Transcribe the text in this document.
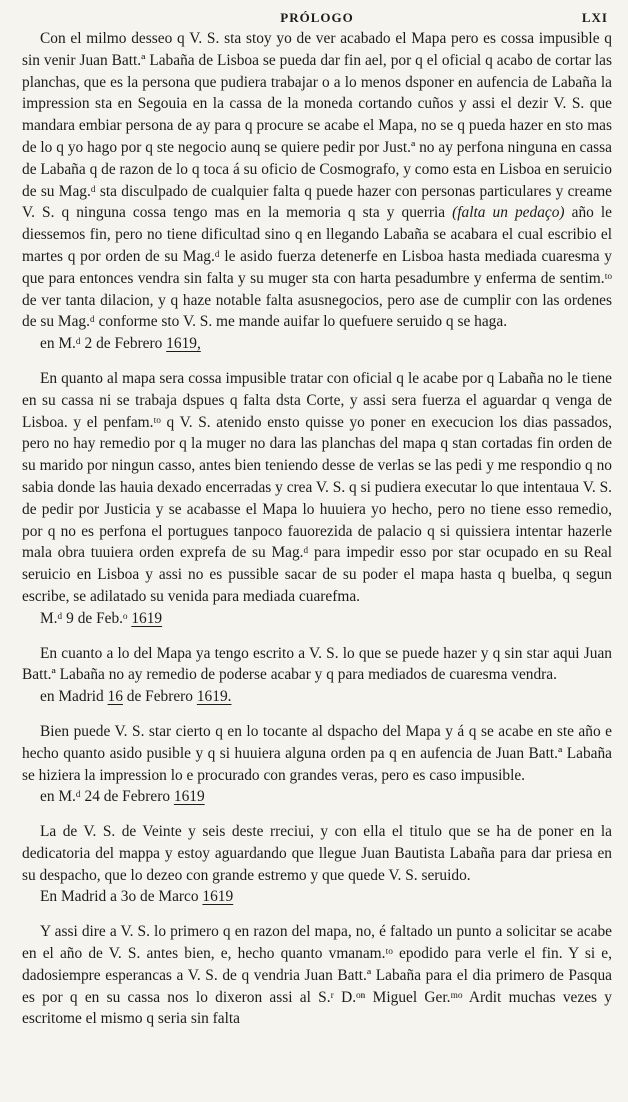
PRÓLOGO	LXI

Con el milmo desseo q V. S. sta stoy yo de ver acabado el Mapa pero es cossa impusible q sin venir Juan Batt.ª Labaña de Lisboa se pueda dar fin ael, por q el oficial q acabo de cortar las planchas, que es la persona que pudiera trabajar o a lo menos dsponer en aufencia de Labaña la impression sta en Segouia en la cassa de la moneda cortando cuños y assi el dezir V. S. que mandara embiar persona de ay para q procure se acabe el Mapa, no se q pueda hazer en sto mas de lo q yo hago por q ste negocio aunq se quiere pedir por Just.ª no ay perfona ninguna en cassa de Labaña q de razon de lo q toca á su oficio de Cosmografo, y como esta en Lisboa en seruicio de su Mag.ᵈ sta disculpado de cualquier falta q puede hazer con personas particulares y creame V. S. q ninguna cossa tengo mas en la memoria q sta y querria (falta un pedaço) año le diessemos fin, pero no tiene dificultad sino q en llegando Labaña se acabara el cual escribio el martes q por orden de su Mag.ᵈ le asido fuerza detenerfe en Lisboa hasta mediada cuaresma y que para entonces vendra sin falta y su muger sta con harta pesadumbre y enferma de sentim.ᵗᵒ de ver tanta dilacion, y q haze notable falta asusnegocios, pero ase de cumplir con las ordenes de su Mag.ᵈ conforme sto V. S. me mande auifar lo quefuere seruido q se haga.

en M.ᵈ 2 de Febrero 1619,

En quanto al mapa sera cossa impusible tratar con oficial q le acabe por q Labaña no le tiene en su cassa ni se trabaja dspues q falta dsta Corte, y assi sera fuerza el aguardar q venga de Lisboa. y el penfam.ᵗᵒ q V. S. atenido ensto quisse yo poner en execucion los dias passados, pero no hay remedio por q la muger no dara las planchas del mapa q stan cortadas fin orden de su marido por ningun casso, antes bien teniendo desse de verlas se las pedi y me respondio q no sabia donde las hauia dexado encerradas y crea V. S. q si pudiera executar lo que intentaua V. S. de pedir por Justicia y se acabasse el Mapa lo huuiera yo hecho, pero no tiene esso remedio, por q no es perfona el portugues tanpoco fauorezida de palacio q si quissiera intentar hazerle mala obra tuuiera orden exprefa de su Mag.ᵈ para impedir esso por star ocupado en su Real seruicio en Lisboa y assi no es pussible sacar de su poder el mapa hasta q buelba, q segun escribe, se adilatado su venida para mediada cuarefma.

M.ᵈ 9 de Feb.ᵒ 1619

En cuanto a lo del Mapa ya tengo escrito a V. S. lo que se puede hazer y q sin star aqui Juan Batt.ª Labaña no ay remedio de poderse acabar y q para mediados de cuaresma vendra.

en Madrid 16 de Febrero 1619.

Bien puede V. S. star cierto q en lo tocante al dspacho del Mapa y á q se acabe en ste año e hecho quanto asido pusible y q si huuiera alguna orden pa q en aufencia de Juan Batt.ª Labaña se hiziera la impression lo e procurado con grandes veras, pero es caso impusible.

en M.ᵈ 24 de Febrero 1619

La de V. S. de Veinte y seis deste rreciui, y con ella el titulo que se ha de poner en la dedicatoria del mappa y estoy aguardando que llegue Juan Bautista Labaña para dar priesa en su despacho, que lo dezeo con grande estremo y que quede V. S. seruido.

En Madrid a 3o de Marco 1619

Y assi dire a V. S. lo primero q en razon del mapa, no, é faltado un punto a solicitar se acabe en el año de V. S. antes bien, e, hecho quanto vmanam.ᵗᵒ epodido para verle el fin. Y si e, dadosiempre esperancas a V. S. de q vendria Juan Batt.ª Labaña para el dia primero de Pasqua es por q en su cassa nos lo dixeron assi al S.ʳ D.ᵒⁿ Miguel Ger.ᵐᵒ Ardit muchas vezes y escritome el mismo q seria sin falta
